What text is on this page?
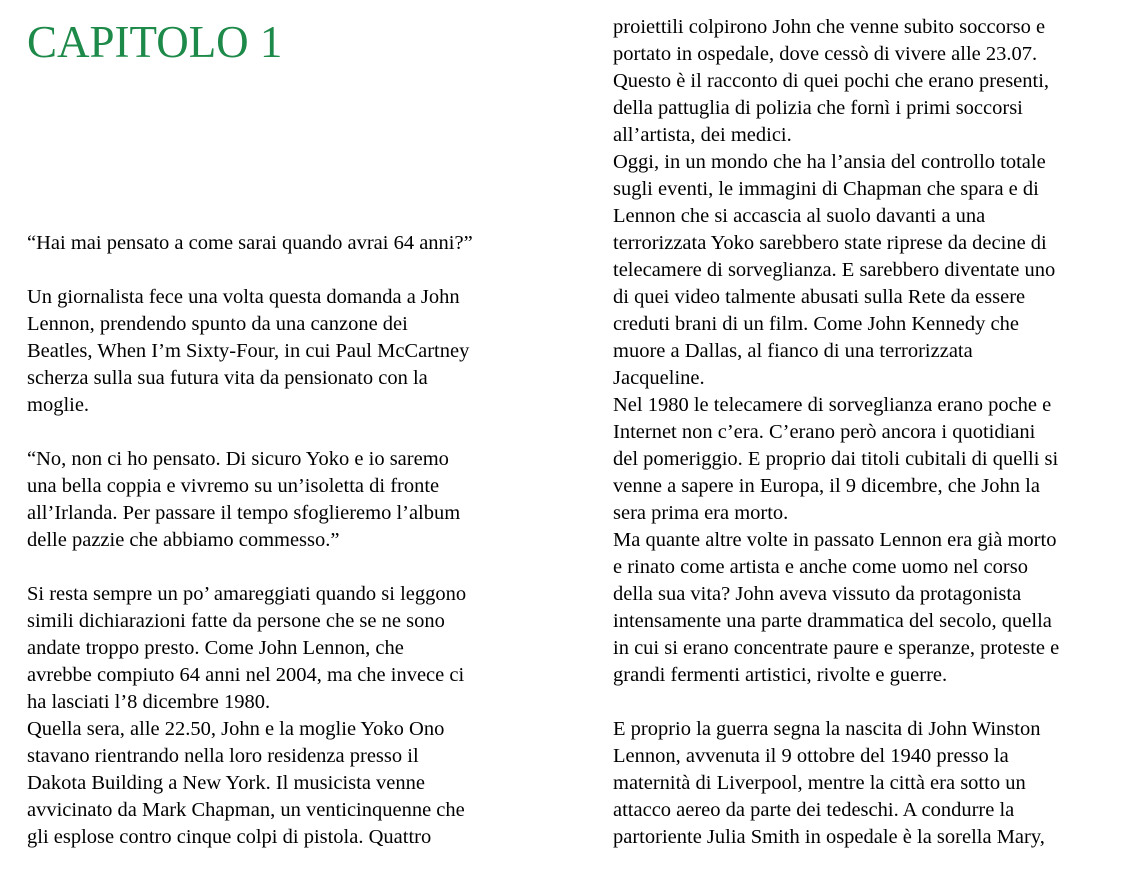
CAPITOLO 1
“Hai mai pensato a come sarai quando avrai 64 anni?”
Un giornalista fece una volta questa domanda a John
Lennon, prendendo spunto da una canzone dei
Beatles, When I’m Sixty-Four, in cui Paul McCartney
scherza sulla sua futura vita da pensionato con la
moglie.
“No, non ci ho pensato. Di sicuro Yoko e io saremo
una bella coppia e vivremo su un’isoletta di fronte
all’Irlanda. Per passare il tempo sfoglieremo l’album
delle pazzie che abbiamo commesso.”
Si resta sempre un po’ amareggiati quando si leggono
simili dichiarazioni fatte da persone che se ne sono
andate troppo presto. Come John Lennon, che
avrebbe compiuto 64 anni nel 2004, ma che invece ci
ha lasciati l’8 dicembre 1980.
Quella sera, alle 22.50, John e la moglie Yoko Ono
stavano rientrando nella loro residenza presso il
Dakota Building a New York. Il musicista venne
avvicinato da Mark Chapman, un venticinquenne che
gli esplose contro cinque colpi di pistola. Quattro
proiettili colpirono John che venne subito soccorso e
portato in ospedale, dove cessò di vivere alle 23.07.
Questo è il racconto di quei pochi che erano presenti,
della pattuglia di polizia che fornì i primi soccorsi
all’artista, dei medici.
Oggi, in un mondo che ha l’ansia del controllo totale
sugli eventi, le immagini di Chapman che spara e di
Lennon che si accascia al suolo davanti a una
terrorizzata Yoko sarebbero state riprese da decine di
telecamere di sorveglianza. E sarebbero diventate uno
di quei video talmente abusati sulla Rete da essere
creduti brani di un film. Come John Kennedy che
muore a Dallas, al fianco di una terrorizzata
Jacqueline.
Nel 1980 le telecamere di sorveglianza erano poche e
Internet non c’era. C’erano però ancora i quotidiani
del pomeriggio. E proprio dai titoli cubitali di quelli si
venne a sapere in Europa, il 9 dicembre, che John la
sera prima era morto.
Ma quante altre volte in passato Lennon era già morto
e rinato come artista e anche come uomo nel corso
della sua vita? John aveva vissuto da protagonista
intensamente una parte drammatica del secolo, quella
in cui si erano concentrate paure e speranze, proteste e
grandi fermenti artistici, rivolte e guerre.
E proprio la guerra segna la nascita di John Winston
Lennon, avvenuta il 9 ottobre del 1940 presso la
maternità di Liverpool, mentre la città era sotto un
attacco aereo da parte dei tedeschi. A condurre la
partoriente Julia Smith in ospedale è la sorella Mary,
